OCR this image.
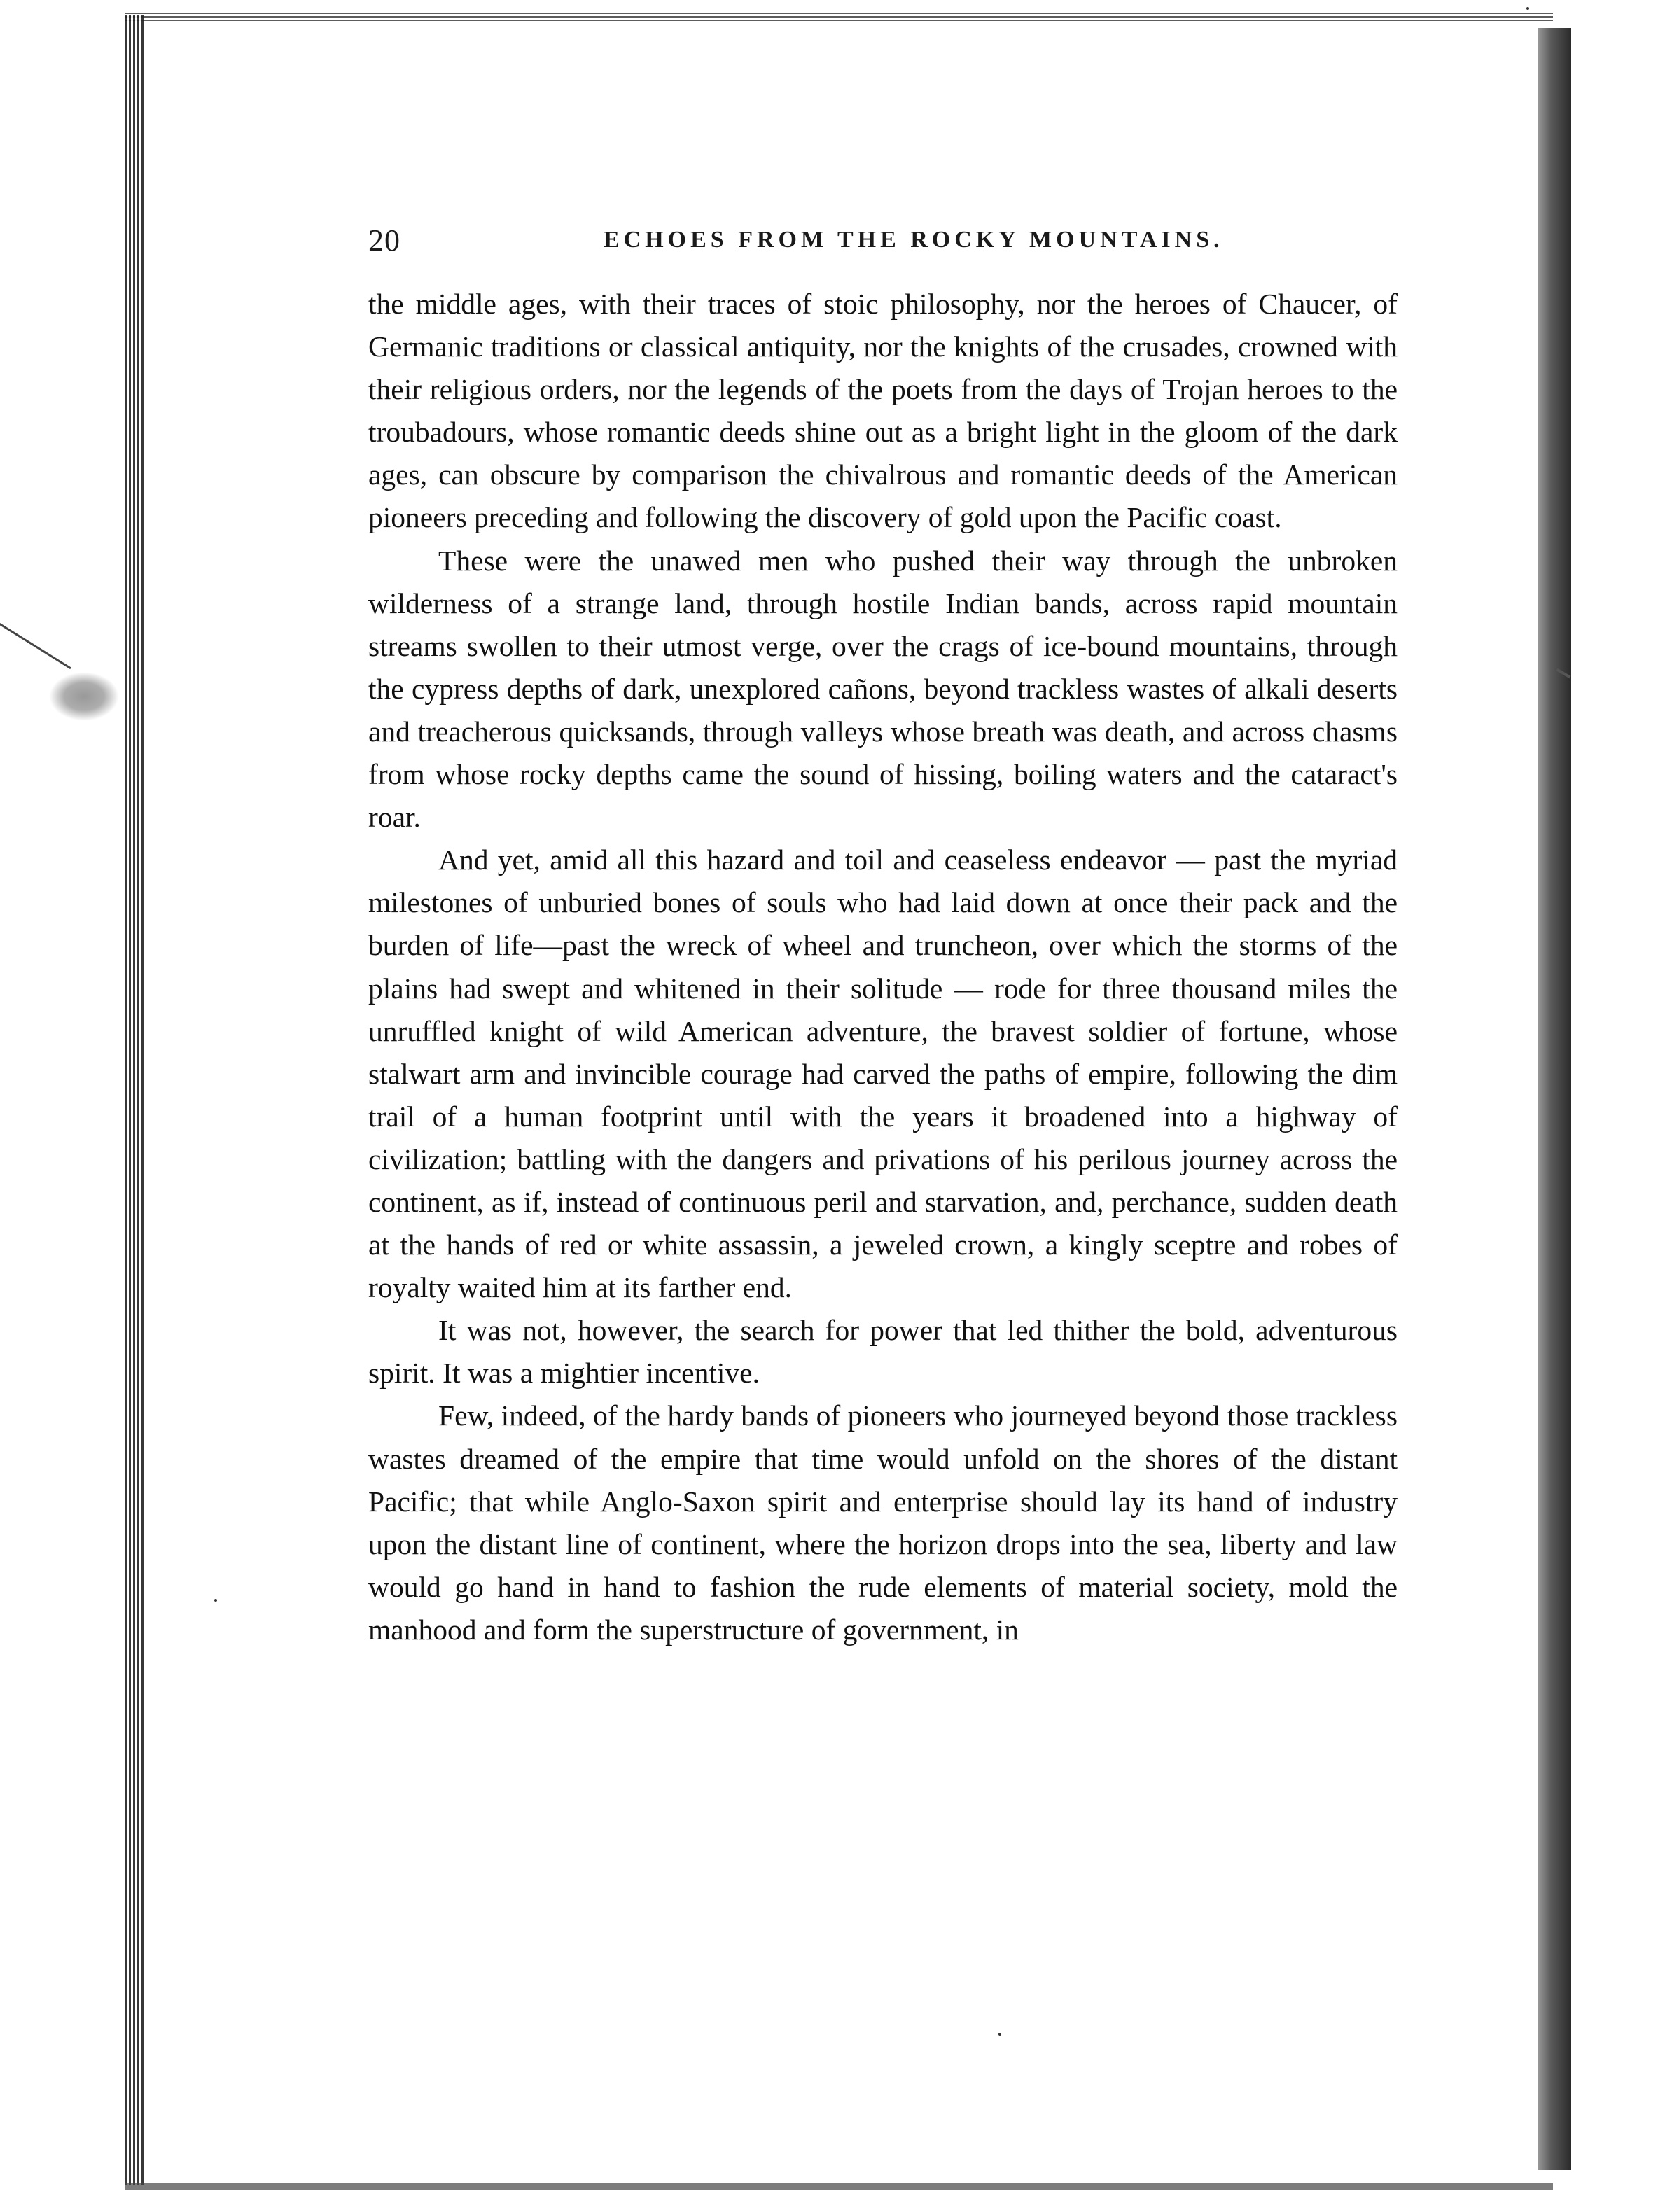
20	ECHOES FROM THE ROCKY MOUNTAINS.

the middle ages, with their traces of stoic philosophy, nor the heroes of Chaucer, of Germanic traditions or classical antiquity, nor the knights of the crusades, crowned with their religious orders, nor the legends of the poets from the days of Trojan heroes to the troubadours, whose romantic deeds shine out as a bright light in the gloom of the dark ages, can obscure by comparison the chivalrous and romantic deeds of the American pioneers preceding and following the discovery of gold upon the Pacific coast.

These were the unawed men who pushed their way through the unbroken wilderness of a strange land, through hostile Indian bands, across rapid mountain streams swollen to their utmost verge, over the crags of ice-bound mountains, through the cypress depths of dark, unexplored cañons, beyond trackless wastes of alkali deserts and treacherous quicksands, through valleys whose breath was death, and across chasms from whose rocky depths came the sound of hissing, boiling waters and the cataract's roar.

And yet, amid all this hazard and toil and ceaseless endeavor — past the myriad milestones of unburied bones of souls who had laid down at once their pack and the burden of life—past the wreck of wheel and truncheon, over which the storms of the plains had swept and whitened in their solitude — rode for three thousand miles the unruffled knight of wild American adventure, the bravest soldier of fortune, whose stalwart arm and invincible courage had carved the paths of empire, following the dim trail of a human footprint until with the years it broadened into a highway of civilization; battling with the dangers and privations of his perilous journey across the continent, as if, instead of continuous peril and starvation, and, perchance, sudden death at the hands of red or white assassin, a jeweled crown, a kingly sceptre and robes of royalty waited him at its farther end.

It was not, however, the search for power that led thither the bold, adventurous spirit. It was a mightier incentive.

Few, indeed, of the hardy bands of pioneers who journeyed beyond those trackless wastes dreamed of the empire that time would unfold on the shores of the distant Pacific; that while Anglo-Saxon spirit and enterprise should lay its hand of industry upon the distant line of continent, where the horizon drops into the sea, liberty and law would go hand in hand to fashion the rude elements of material society, mold the manhood and form the superstructure of government, in
